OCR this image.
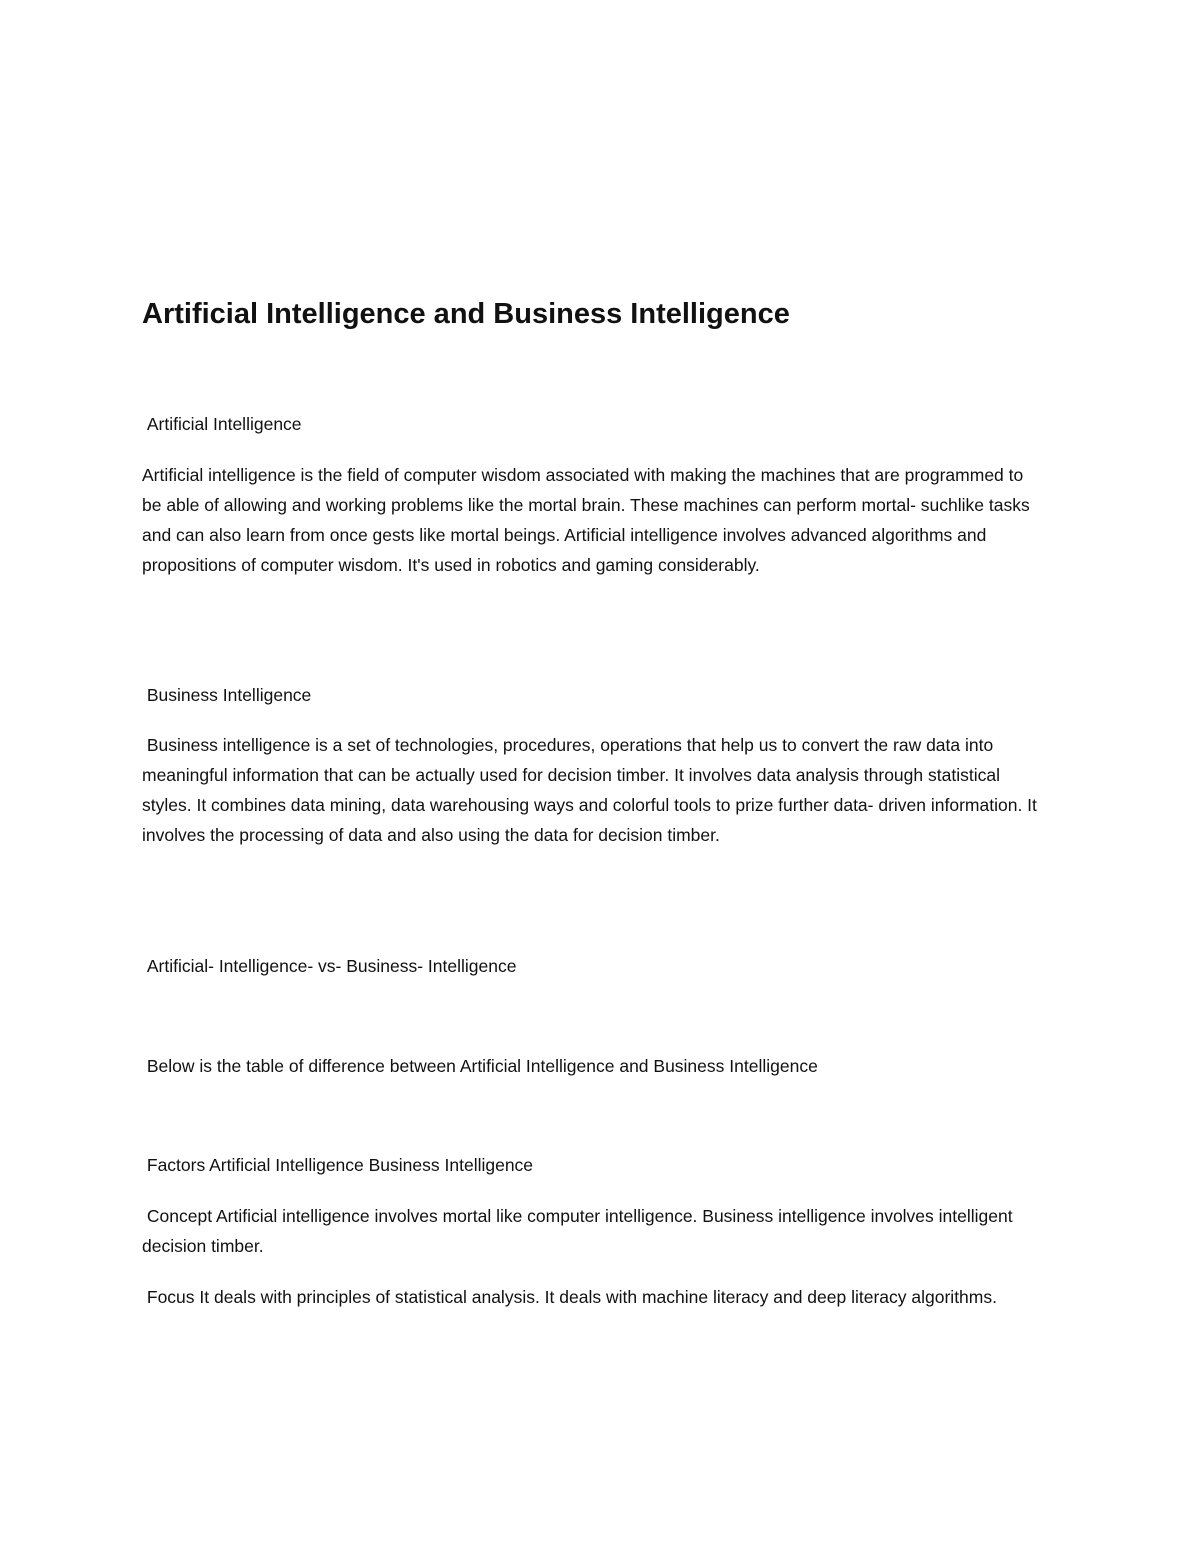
Artificial Intelligence and Business Intelligence

Artificial Intelligence

Artificial intelligence is the field of computer wisdom associated with making the machines that are programmed to be able of allowing and working problems like the mortal brain. These machines can perform mortal- suchlike tasks and can also learn from once gests like mortal beings. Artificial intelligence involves advanced algorithms and propositions of computer wisdom. It's used in robotics and gaming considerably.

Business Intelligence

Business intelligence is a set of technologies, procedures, operations that help us to convert the raw data into meaningful information that can be actually used for decision timber. It involves data analysis through statistical styles. It combines data mining, data warehousing ways and colorful tools to prize further data- driven information. It involves the processing of data and also using the data for decision timber.

Artificial- Intelligence- vs- Business- Intelligence

Below is the table of difference between Artificial Intelligence and Business Intelligence

Factors Artificial Intelligence Business Intelligence

Concept Artificial intelligence involves mortal like computer intelligence. Business intelligence involves intelligent decision timber.

Focus It deals with principles of statistical analysis. It deals with machine literacy and deep literacy algorithms.
